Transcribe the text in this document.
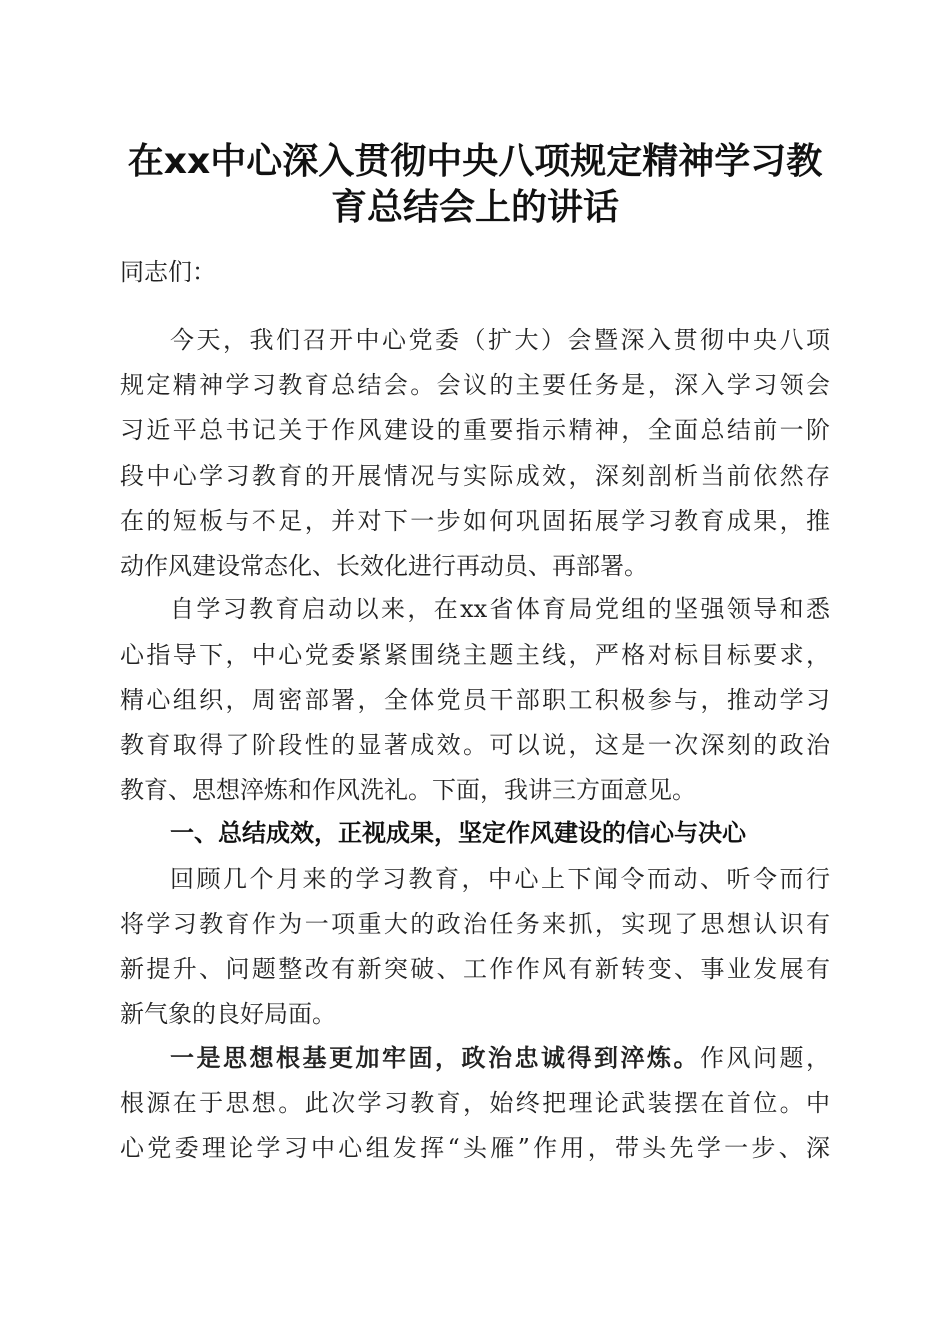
在xx中心深入贯彻中央八项规定精神学习教
育总结会上的讲话
同志们：
今天，我们召开中心党委（扩大）会暨深入贯彻中央八项
规定精神学习教育总结会。会议的主要任务是，深入学习领会
习近平总书记关于作风建设的重要指示精神，全面总结前一阶
段中心学习教育的开展情况与实际成效，深刻剖析当前依然存
在的短板与不足，并对下一步如何巩固拓展学习教育成果，推
动作风建设常态化、长效化进行再动员、再部署。
自学习教育启动以来，在xx省体育局党组的坚强领导和悉
心指导下，中心党委紧紧围绕主题主线，严格对标目标要求，
精心组织，周密部署，全体党员干部职工积极参与，推动学习
教育取得了阶段性的显著成效。可以说，这是一次深刻的政治
教育、思想淬炼和作风洗礼。下面，我讲三方面意见。
一、总结成效，正视成果，坚定作风建设的信心与决心
回顾几个月来的学习教育，中心上下闻令而动、听令而行
将学习教育作为一项重大的政治任务来抓，实现了思想认识有
新提升、问题整改有新突破、工作作风有新转变、事业发展有
新气象的良好局面。
一是思想根基更加牢固，政治忠诚得到淬炼。作风问题，
根源在于思想。此次学习教育，始终把理论武装摆在首位。中
心党委理论学习中心组发挥“头雁”作用，带头先学一步、深
